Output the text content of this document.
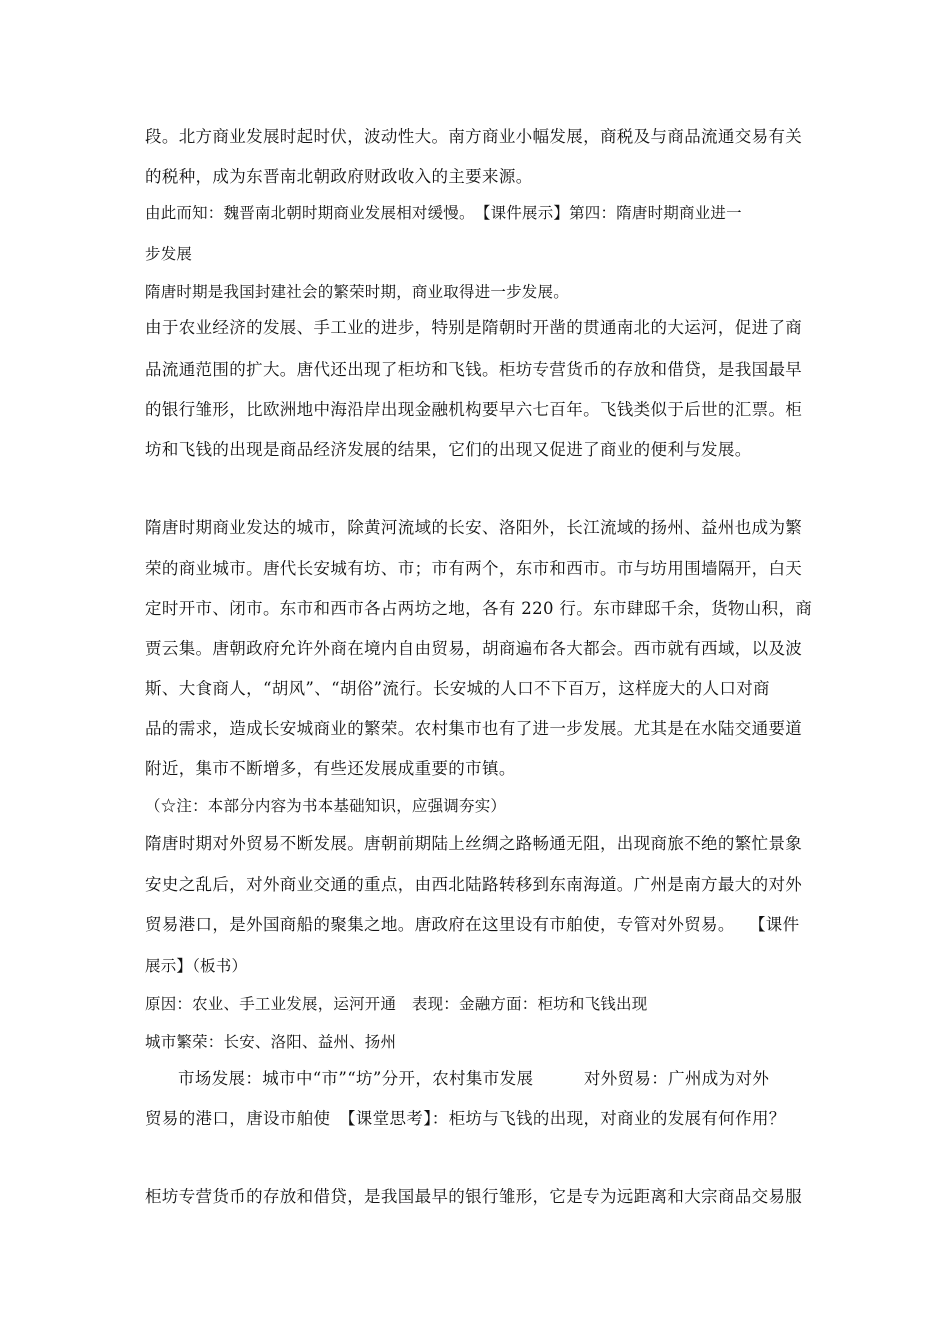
段。北方商业发展时起时伏，波动性大。南方商业小幅发展，商税及与商品流通交易有关
的税种，成为东晋南北朝政府财政收入的主要来源。
由此而知：魏晋南北朝时期商业发展相对缓慢。　【课件展示】第四：隋唐时期商业进一
步发展
隋唐时期是我国封建社会的繁荣时期，商业取得进一步发展。
由于农业经济的发展、手工业的进步，特别是隋朝时开凿的贯通南北的大运河，促进了商
品流通范围的扩大。唐代还出现了柜坊和飞钱。柜坊专营货币的存放和借贷，是我国最早
的银行雏形，比欧洲地中海沿岸出现金融机构要早六七百年。飞钱类似于后世的汇票。柜
坊和飞钱的出现是商品经济发展的结果，它们的出现又促进了商业的便利与发展。
隋唐时期商业发达的城市，除黄河流域的长安、洛阳外，长江流域的扬州、益州也成为繁
荣的商业城市。唐代长安城有坊、市；市有两个，东市和西市。市与坊用围墙隔开，白天
定时开市、闭市。东市和西市各占两坊之地，各有 220 行。东市肆邸千余，货物山积，商
贾云集。唐朝政府允许外商在境内自由贸易，胡商遍布各大都会。西市就有西域，以及波
斯、大食商人，“胡风”、“胡俗”流行。长安城的人口不下百万，这样庞大的人口对商
品的需求，造成长安城商业的繁荣。农村集市也有了进一步发展。尤其是在水陆交通要道
附近，集市不断增多，有些还发展成重要的市镇。
（☆注：本部分内容为书本基础知识，应强调夯实）
隋唐时期对外贸易不断发展。唐朝前期陆上丝绸之路畅通无阻，出现商旅不绝的繁忙景象
安史之乱后，对外商业交通的重点，由西北陆路转移到东南海道。广州是南方最大的对外
贸易港口，是外国商船的聚集之地。唐政府在这里设有市舶使，专管对外贸易。　 【课件
展示】（板书）
原因：农业、手工业发展，运河开通　表现：金融方面：柜坊和飞钱出现
城市繁荣：长安、洛阳、益州、扬州
市场发展：城市中“市”“坊”分开，农村集市发展　　　对外贸易：广州成为对外
贸易的港口，唐设市舶使　【课堂思考】：柜坊与飞钱的出现，对商业的发展有何作用？
柜坊专营货币的存放和借贷，是我国最早的银行雏形，它是专为远距离和大宗商品交易服
